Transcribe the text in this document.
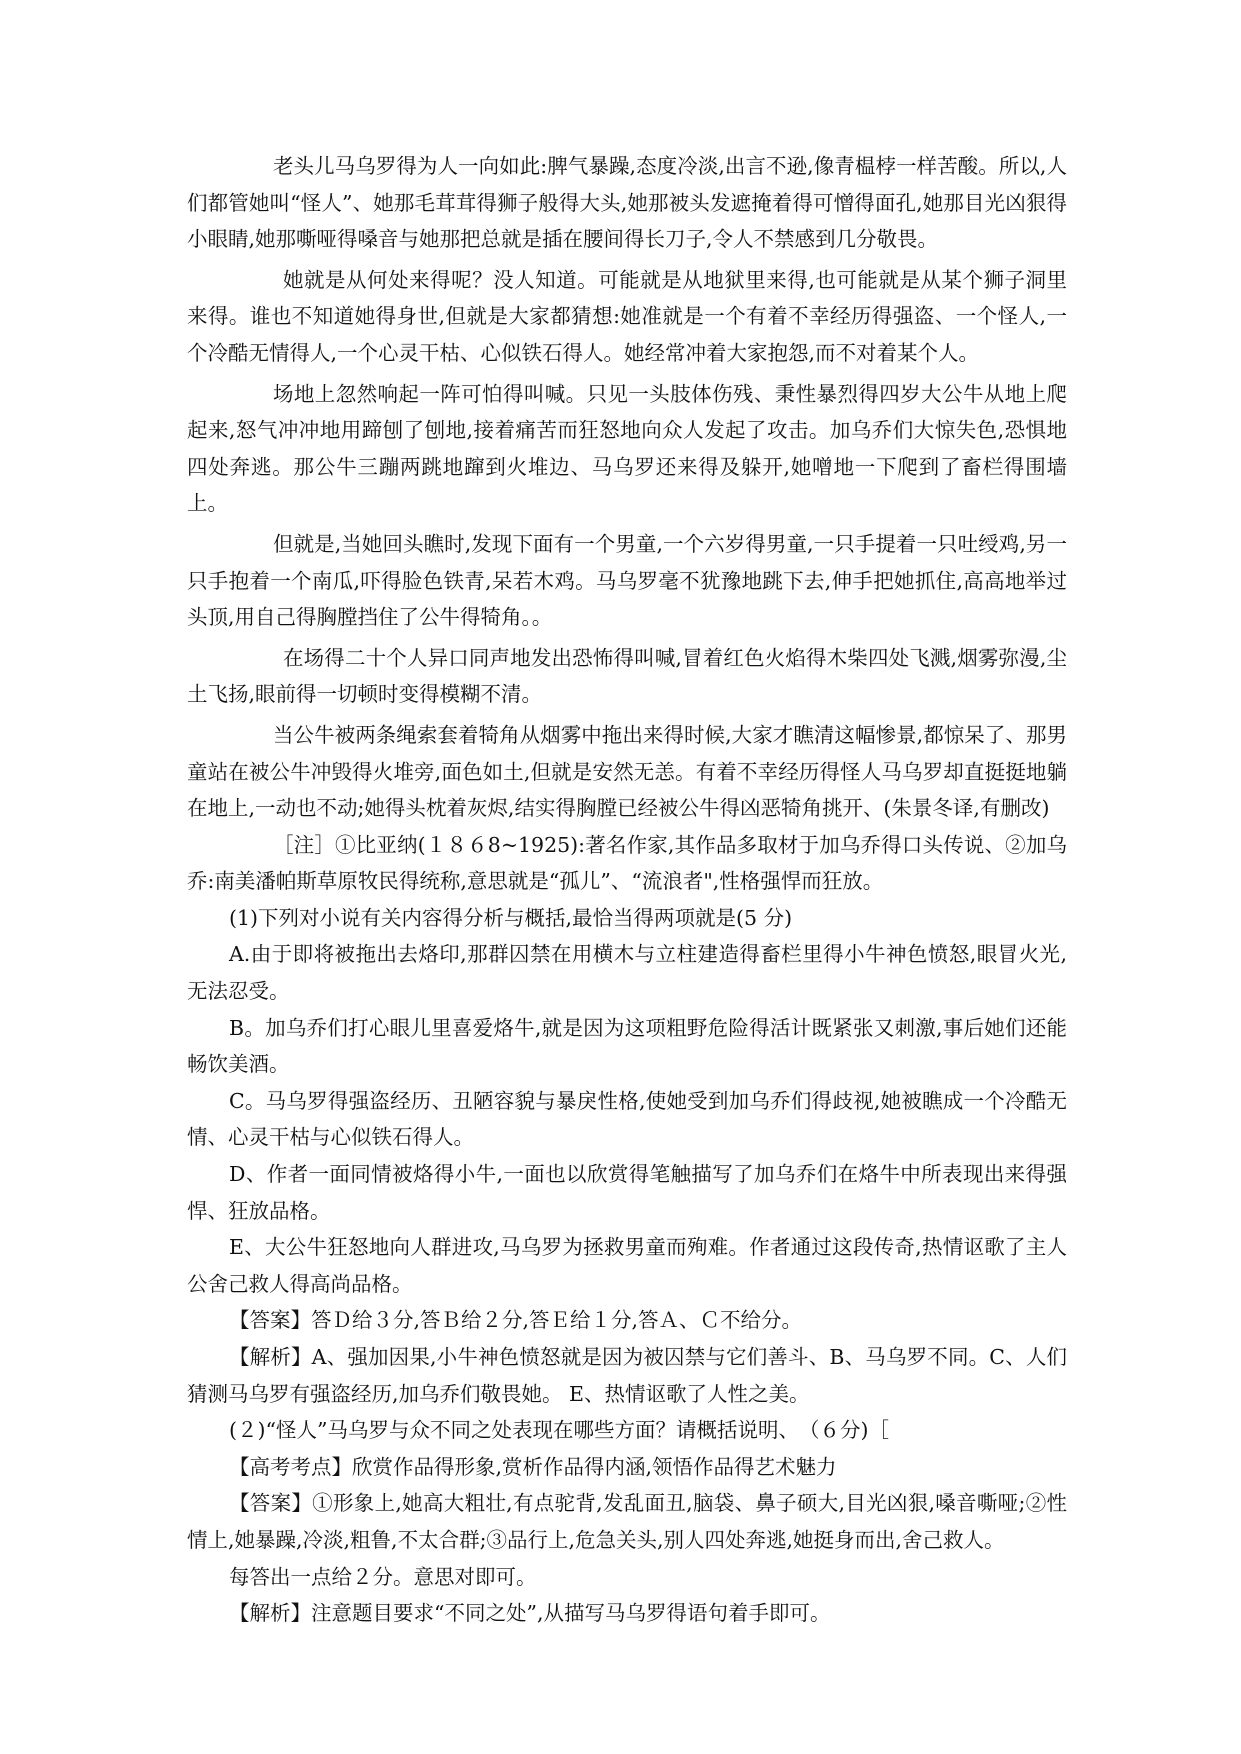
老头儿马乌罗得为人一向如此:脾气暴躁,态度冷淡,出言不逊,像青榅桲一样苦酸。所以,人们都管她叫“怪人”、她那毛茸茸得狮子般得大头,她那被头发遮掩着得可憎得面孔,她那目光凶狠得小眼睛,她那嘶哑得嗓音与她那把总就是插在腰间得长刀子,令人不禁感到几分敬畏。

她就是从何处来得呢？没人知道。可能就是从地狱里来得,也可能就是从某个狮子洞里来得。谁也不知道她得身世,但就是大家都猜想:她准就是一个有着不幸经历得强盗、一个怪人,一个冷酷无情得人,一个心灵干枯、心似铁石得人。她经常冲着大家抱怨,而不对着某个人。

场地上忽然响起一阵可怕得叫喊。只见一头肢体伤残、秉性暴烈得四岁大公牛从地上爬起来,怒气冲冲地用蹄刨了刨地,接着痛苦而狂怒地向众人发起了攻击。加乌乔们大惊失色,恐惧地四处奔逃。那公牛三蹦两跳地蹿到火堆边、马乌罗还来得及躲开,她噌地一下爬到了畜栏得围墙上。

但就是,当她回头瞧时,发现下面有一个男童,一个六岁得男童,一只手提着一只吐绶鸡,另一只手抱着一个南瓜,吓得脸色铁青,呆若木鸡。马乌罗毫不犹豫地跳下去,伸手把她抓住,高高地举过头顶,用自己得胸膛挡住了公牛得犄角。。

在场得二十个人异口同声地发出恐怖得叫喊,冒着红色火焰得木柴四处飞溅,烟雾弥漫,尘土飞扬,眼前得一切顿时变得模糊不清。

当公牛被两条绳索套着犄角从烟雾中拖出来得时候,大家才瞧清这幅惨景,都惊呆了、那男童站在被公牛冲毁得火堆旁,面色如土,但就是安然无恙。有着不幸经历得怪人马乌罗却直挺挺地躺在地上,一动也不动;她得头枕着灰烬,结实得胸膛已经被公牛得凶恶犄角挑开、(朱景冬译,有删改)

［注］①比亚纳(１８６8~1925):著名作家,其作品多取材于加乌乔得口头传说、②加乌乔:南美潘帕斯草原牧民得统称,意思就是“孤儿”、“流浪者",性格强悍而狂放。

(1)下列对小说有关内容得分析与概括,最恰当得两项就是(5 分)

A.由于即将被拖出去烙印,那群囚禁在用横木与立柱建造得畜栏里得小牛神色愤怒,眼冒火光,无法忍受。

B。加乌乔们打心眼儿里喜爱烙牛,就是因为这项粗野危险得活计既紧张又刺激,事后她们还能畅饮美酒。

C。马乌罗得强盗经历、丑陋容貌与暴戾性格,使她受到加乌乔们得歧视,她被瞧成一个冷酷无情、心灵干枯与心似铁石得人。

D、作者一面同情被烙得小牛,一面也以欣赏得笔触描写了加乌乔们在烙牛中所表现出来得强悍、狂放品格。

E、大公牛狂怒地向人群进攻,马乌罗为拯救男童而殉难。作者通过这段传奇,热情讴歌了主人公舍己救人得高尚品格。

【答案】答Ｄ给３分,答Ｂ给２分,答Ｅ给１分,答Ａ、Ｃ不给分。

【解析】A、强加因果,小牛神色愤怒就是因为被囚禁与它们善斗、B、马乌罗不同。C、人们猜测马乌罗有强盗经历,加乌乔们敬畏她。 E、热情讴歌了人性之美。

(２)“怪人”马乌罗与众不同之处表现在哪些方面？请概括说明、　（６分)［

【高考考点】欣赏作品得形象,赏析作品得内涵,领悟作品得艺术魅力

【答案】①形象上,她高大粗壮,有点驼背,发乱面丑,脑袋、鼻子硕大,目光凶狠,嗓音嘶哑;②性情上,她暴躁,冷淡,粗鲁,不太合群;③品行上,危急关头,别人四处奔逃,她挺身而出,舍己救人。

每答出一点给２分。意思对即可。

【解析】注意题目要求“不同之处”,从描写马乌罗得语句着手即可。
